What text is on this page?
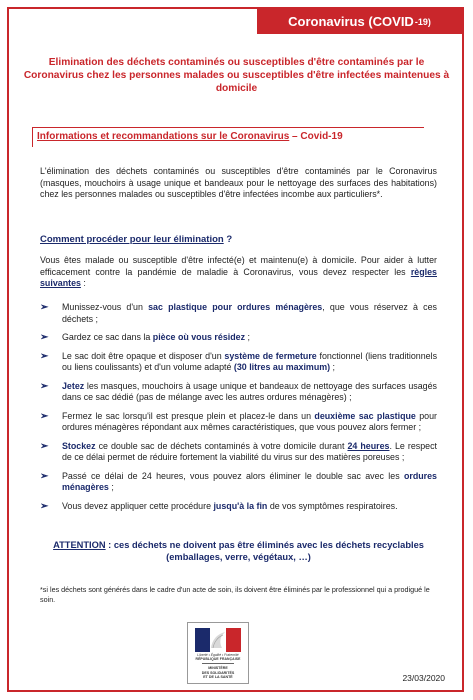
Coronavirus (COVID -19)
Elimination des déchets contaminés ou susceptibles d'être contaminés par le Coronavirus chez les personnes malades ou susceptibles d'être infectées maintenues à domicile
Informations et recommandations sur le Coronavirus – Covid-19
L'élimination des déchets contaminés ou susceptibles d'être contaminés par le Coronavirus (masques, mouchoirs à usage unique et bandeaux pour le nettoyage des surfaces des habitations) chez les personnes malades ou susceptibles d'être infectées incombe aux particuliers*.
Comment procéder pour leur élimination ?
Vous êtes malade ou susceptible d'être infecté(e) et maintenu(e) à domicile. Pour aider à lutter efficacement contre la pandémie de maladie à Coronavirus, vous devez respecter les règles suivantes :
➢ Munissez-vous d'un sac plastique pour ordures ménagères, que vous réservez à ces déchets ;
➢ Gardez ce sac dans la pièce où vous résidez ;
➢ Le sac doit être opaque et disposer d'un système de fermeture fonctionnel (liens traditionnels ou liens coulissants) et d'un volume adapté (30 litres au maximum) ;
➢ Jetez les masques, mouchoirs à usage unique et bandeaux de nettoyage des surfaces usagés dans ce sac dédié (pas de mélange avec les autres ordures ménagères) ;
➢ Fermez le sac lorsqu'il est presque plein et placez-le dans un deuxième sac plastique pour ordures ménagères répondant aux mêmes caractéristiques, que vous pouvez alors fermer ;
➢ Stockez ce double sac de déchets contaminés à votre domicile durant 24 heures. Le respect de ce délai permet de réduire fortement la viabilité du virus sur des matières poreuses ;
➢ Passé ce délai de 24 heures, vous pouvez alors éliminer le double sac avec les ordures ménagères ;
➢ Vous devez appliquer cette procédure jusqu'à la fin de vos symptômes respiratoires.
ATTENTION : ces déchets ne doivent pas être éliminés avec les déchets recyclables
(emballages, verre, végétaux, …)
*si les déchets sont générés dans le cadre d'un acte de soin, ils doivent être éliminés par le professionnel qui a prodigué le soin.
Liberté • Égalité • Fraternité
RÉPUBLIQUE FRANÇAISE
MINISTÈRE
DES SOLIDARITÉS
ET DE LA SANTÉ	23/03/2020
